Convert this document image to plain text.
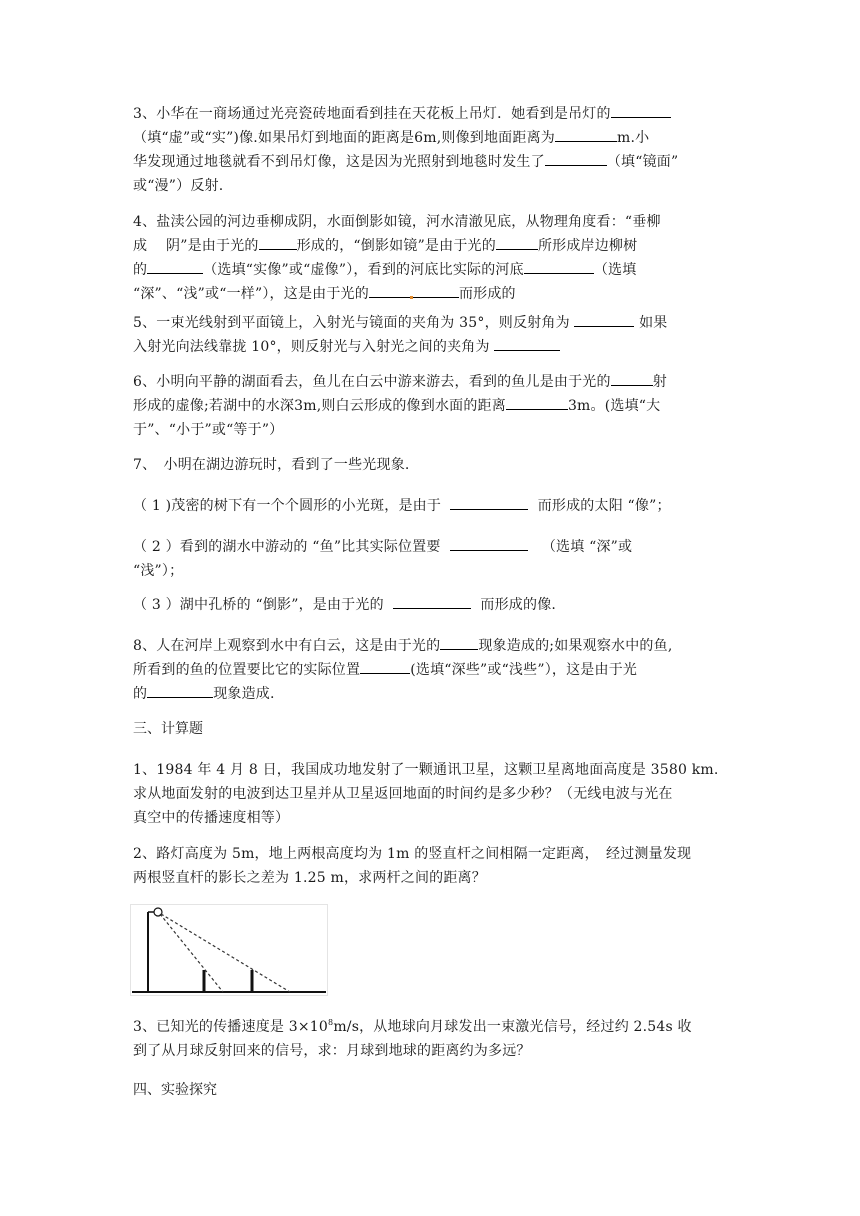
3、小华在一商场通过光亮瓷砖地面看到挂在天花板上吊灯．她看到是吊灯的

（填“虚”或“实”)像.如果吊灯到地面的距离是6m,则像到地面距离为	m.小

华发现通过地毯就看不到吊灯像，这是因为光照射到地毯时发生了	（填“镜面”

或“漫”）反射.

4、盐渎公园的河边垂柳成阴，水面倒影如镜，河水清澈见底，从物理角度看：“垂柳

成　 阴”是由于光的	形成的，“倒影如镜”是由于光的	所形成岸边柳树

的	（选填“实像”或“虚像”），看到的河底比实际的河底	（选填

“深”、“浅”或“一样”），这是由于光的	而形成的

5、一束光线射到平面镜上，入射光与镜面的夹角为 35°，则反射角为	如果

入射光向法线靠拢 10°，则反射光与入射光之间的夹角为

6、小明向平静的湖面看去，鱼儿在白云中游来游去，看到的鱼儿是由于光的	射

形成的虚像;若湖中的水深3m,则白云形成的像到水面的距离	3m。(选填“大

于”、“小于”或“等于”）

7、　小明在湖边游玩时，看到了一些光现象.

（ 1 )茂密的树下有一个个圆形的小光斑，是由于	而形成的太阳 “像”；

（ 2 ）看到的湖水中游动的 “鱼”比其实际位置要	（选填 “深”或

“浅”）；

（ 3 ）湖中孔桥的 “倒影”，是由于光的	而形成的像.

8、人在河岸上观察到水中有白云，这是由于光的	现象造成的;如果观察水中的鱼,

所看到的鱼的位置要比它的实际位置	(选填“深些”或“浅些”），这是由于光

的	现象造成.

三、计算题

1、1984 年 4 月 8 日，我国成功地发射了一颗通讯卫星，这颗卫星离地面高度是 3580 km.

求从地面发射的电波到达卫星并从卫星返回地面的时间约是多少秒？（无线电波与光在

真空中的传播速度相等）

2、路灯高度为 5m，地上两根高度均为 1m 的竖直杆之间相隔一定距离，　经过测量发现

两根竖直杆的影长之差为 1.25 m，求两杆之间的距离？

3、已知光的传播速度是 $3\times 10^8m/s$，从地球向月球发出一束激光信号，经过约 2.54s 收

到了从月球反射回来的信号，求：月球到地球的距离约为多远？

四、实验探究
